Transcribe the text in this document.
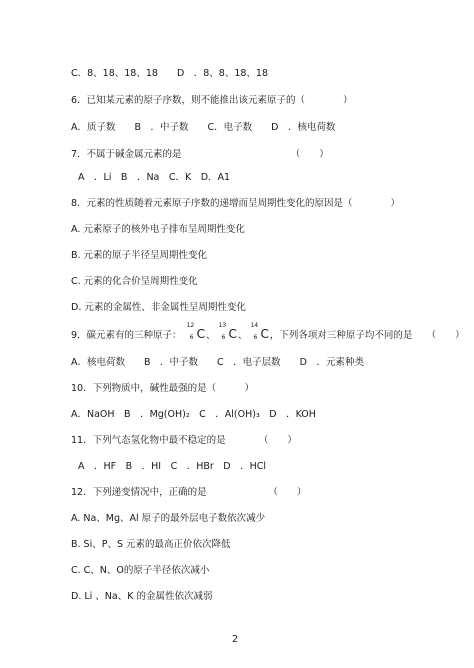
C．8、18、18、18　　D　．8、8、18、18
6．已知某元素的原子序数，则不能推出该元素原子的（　　　　）
A．质子数　　B　．中子数　　C．电子数　　D　．核电荷数
7．不属于碱金属元素的是　　　　　　　　　　　　（　　）
A　．Li　B　．Na　C．K　D．A1
8．元素的性质随着元素原子序数的递增而呈周期性变化的原因是（　　　　）
A. 元素原子的核外电子排布呈周期性变化
B. 元素的原子半径呈周期性变化
C. 元素的化合价呈周期性变化
D. 元素的金属性、非金属性呈周期性变化
9．碳元素有的三种原子：
12
6 C、
13
6 C、
14
6 C，下列各项对三种原子均不同的是　　（　　）
A．核电荷数　　B　．中子数　　C　．电子层数　　D　．元素种类
10．下列物质中，碱性最强的是（　　　）
A．NaOH　B　．Mg(OH)₂　C　．Al(OH)₃　D　．KOH
11．下列气态氢化物中最不稳定的是　　　　（　　）
A　．HF　B　．HI　C　．HBr　D　．HCl
12．下列递变情况中，正确的是　　　　　　　（　　）
A. Na、Mg、Al 原子的最外层电子数依次减少
B. Si、P、S 元素的最高正价依次降低
C. C、N、O的原子半径依次减小
D. Li 、Na、K 的金属性依次减弱
2
